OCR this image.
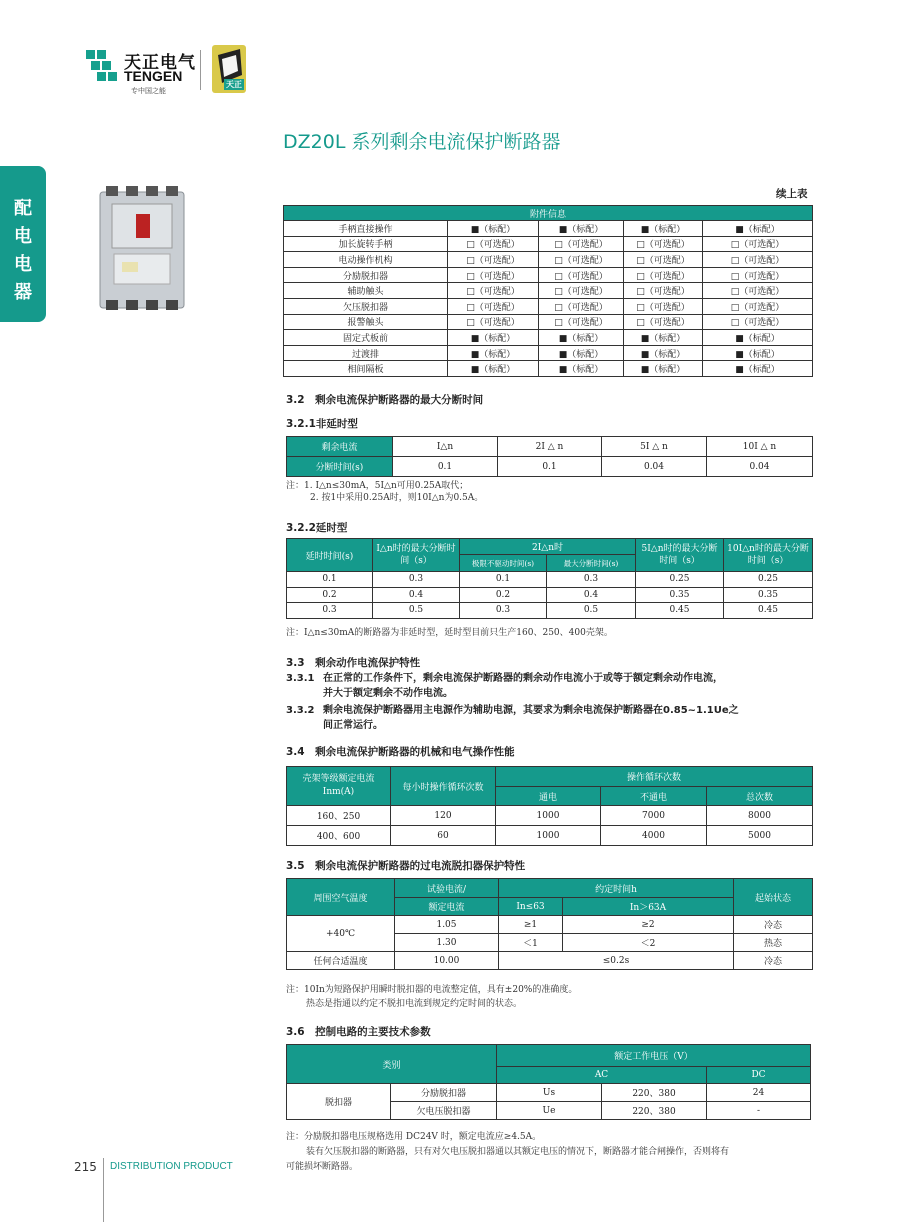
天正电气
TENGEN
专中国之能
天正
配
电
电
器
DZ20L 系列剩余电流保护断路器
续上表
附件信息				
手柄直接操作	■（标配）	■（标配）	■（标配）	■（标配）
加长旋转手柄	□（可选配）	□（可选配）	□（可选配）	□（可选配）
电动操作机构	□（可选配）	□（可选配）	□（可选配）	□（可选配）
分励脱扣器	□（可选配）	□（可选配）	□（可选配）	□（可选配）
辅助触头	□（可选配）	□（可选配）	□（可选配）	□（可选配）
欠压脱扣器	□（可选配）	□（可选配）	□（可选配）	□（可选配）
报警触头	□（可选配）	□（可选配）	□（可选配）	□（可选配）
固定式板前	■（标配）	■（标配）	■（标配）	■（标配）
过渡排	■（标配）	■（标配）	■（标配）	■（标配）
相间隔板	■（标配）	■（标配）	■（标配）	■（标配）
3.2　剩余电流保护断路器的最大分断时间
3.2.1非延时型
剩余电流	I△n	2I △ n	5I △ n	10I △ n
分断时间(s)	0.1	0.1	0.04	0.04
注：1. I△n≤30mA，5I△n可用0.25A取代；
2. 按1中采用0.25A时，则10I△n为0.5A。
3.2.2延时型
延时时间(s)	I△n时的最大分断时间（s）	2I△n时		5I△n时的最大分断时间（s）	10I△n时的最大分断时间（s）
		极限不驱动时间(s)	最大分断时间(s)		
0.1	0.3	0.1	0.3	0.25	0.25
0.2	0.4	0.2	0.4	0.35	0.35
0.3	0.5	0.3	0.5	0.45	0.45
注：I△n≤30mA的断路器为非延时型，延时型目前只生产160、250、400壳架。
3.3　剩余动作电流保护特性
3.3.1 在正常的工作条件下，剩余电流保护断路器的剩余动作电流小于或等于额定剩余动作电流，
并大于额定剩余不动作电流。
3.3.2 剩余电流保护断路器用主电源作为辅助电源，其要求为剩余电流保护断路器在0.85~1.1Ue之
间正常运行。
3.4　剩余电流保护断路器的机械和电气操作性能
壳架等级额定电流Inm(A)	每小时操作循环次数	操作循环次数		
		通电	不通电	总次数
160、250	120	1000	7000	8000
400、600	60	1000	4000	5000
3.5　剩余电流保护断路器的过电流脱扣器保护特性
周围空气温度	试验电流/	约定时间h		起始状态
	额定电流	In≤63	In＞63A	
+40℃	1.05	≥1	≥2	冷态
	1.30	＜1	＜2	热态
任何合适温度	10.00	≤0.2s		冷态
注：10In为短路保护用瞬时脱扣器的电流整定值，具有±20%的准确度。
热态是指通以约定不脱扣电流到规定约定时间的状态。
3.6　控制电路的主要技术参数
类别		额定工作电压（V）		
		AC		DC
脱扣器	分励脱扣器	Us	220、380	24
	欠电压脱扣器	Ue	220、380	-
注：分励脱扣器电压规格选用 DC24V 时，额定电流应≥4.5A。
装有欠压脱扣器的断路器，只有对欠电压脱扣器通以其额定电压的情况下，断路器才能合闸操作，否则将有
可能损坏断路器。
215 DISTRIBUTION PRODUCT
